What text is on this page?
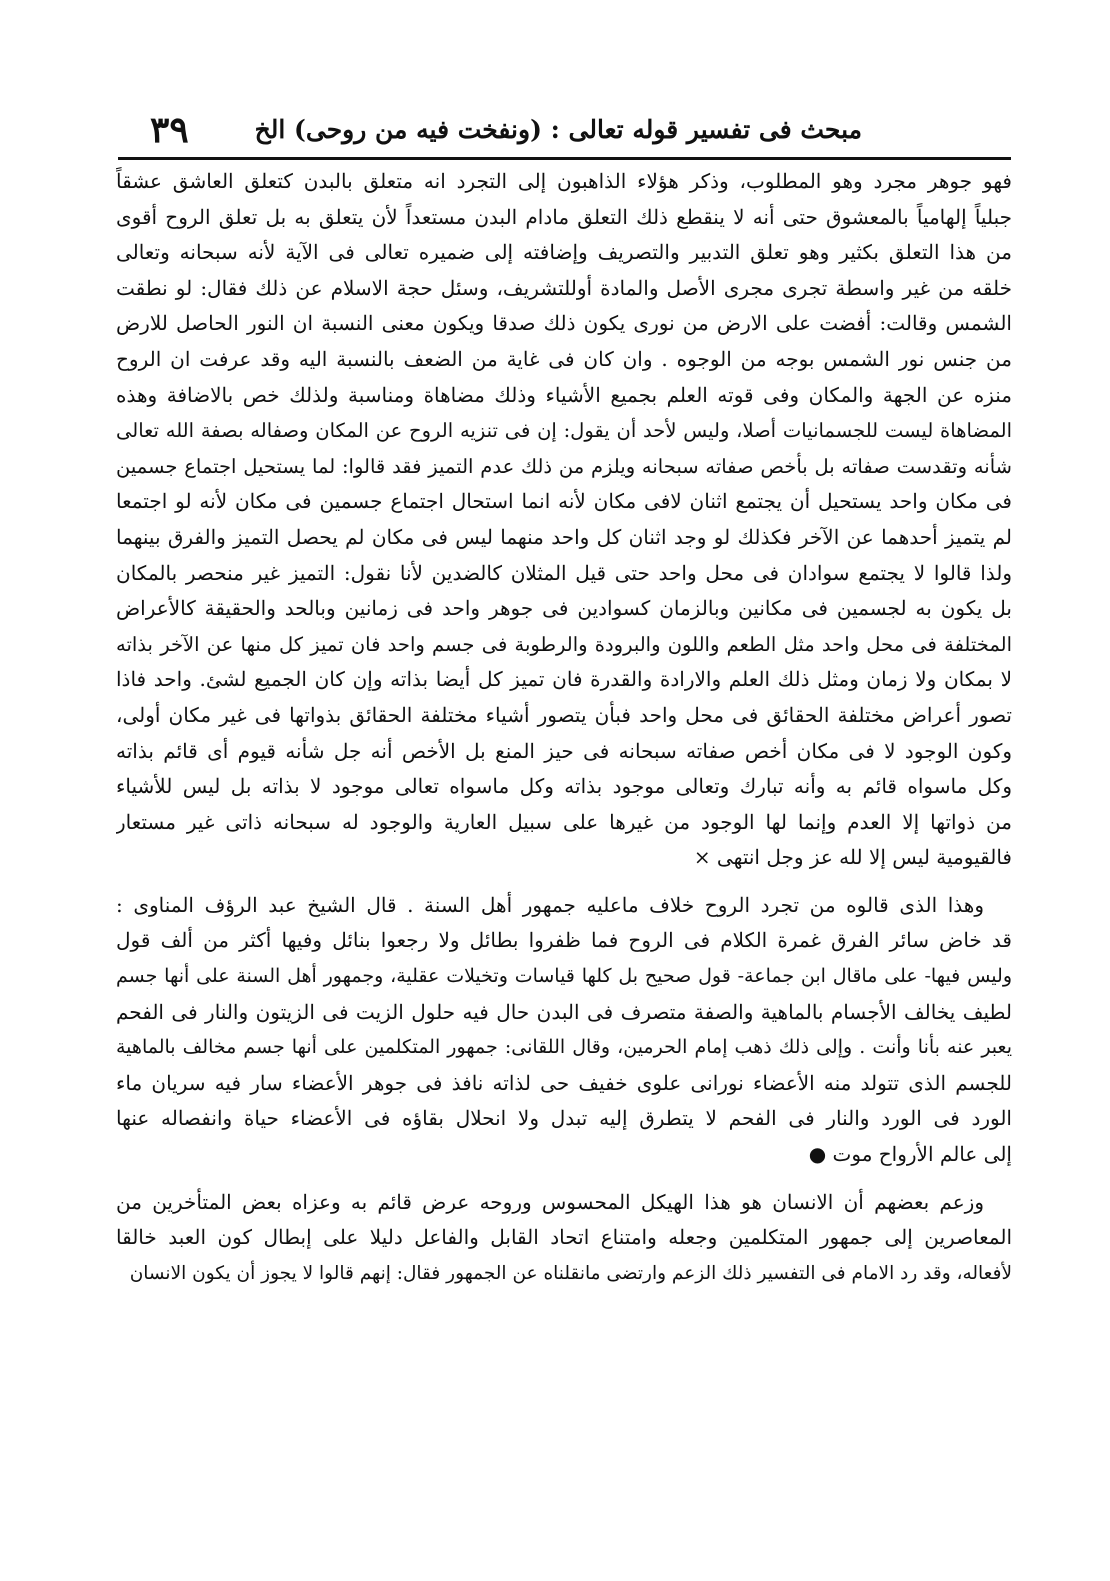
٣٩	مبحث فى تفسير قوله تعالى : (ونفخت فيه من روحى) الخ
فهو جوهر مجرد وهو المطلوب، وذكر هؤلاء الذاهبون إلى التجرد انه متعلق بالبدن كتعلق العاشق عشقاً
جبلياً إلهامياً بالمعشوق حتى أنه لا ينقطع ذلك التعلق مادام البدن مستعداً لأن يتعلق به بل تعلق الروح أقوى
من هذا التعلق بكثير وهو تعلق التدبير والتصريف وإضافته إلى ضميره تعالى فى الآية لأنه سبحانه وتعالى
خلقه من غير واسطة تجرى مجرى الأصل والمادة أوللتشريف، وسئل حجة الاسلام عن ذلك فقال: لو نطقت
الشمس وقالت: أفضت على الارض من نورى يكون ذلك صدقا ويكون معنى النسبة ان النور الحاصل للارض
من جنس نور الشمس بوجه من الوجوه . وان كان فى غاية من الضعف بالنسبة اليه وقد عرفت ان الروح
منزه عن الجهة والمكان وفى قوته العلم بجميع الأشياء وذلك مضاهاة ومناسبة ولذلك خص بالاضافة وهذه
المضاهاة ليست للجسمانيات أصلا، وليس لأحد أن يقول: إن فى تنزيه الروح عن المكان وصفاله بصفة الله تعالى
شأنه وتقدست صفاته بل بأخص صفاته سبحانه ويلزم من ذلك عدم التميز فقد قالوا: لما يستحيل اجتماع جسمين
فى مكان واحد يستحيل أن يجتمع اثنان لافى مكان لأنه انما استحال اجتماع جسمين فى مكان لأنه لو اجتمعا
لم يتميز أحدهما عن الآخر فكذلك لو وجد اثنان كل واحد منهما ليس فى مكان لم يحصل التميز والفرق بينهما
ولذا قالوا لا يجتمع سوادان فى محل واحد حتى قيل المثلان كالضدين لأنا نقول: التميز غير منحصر بالمكان
بل يكون به لجسمين فى مكانين وبالزمان كسوادين فى جوهر واحد فى زمانين وبالحد والحقيقة كالأعراض
المختلفة فى محل واحد مثل الطعم واللون والبرودة والرطوبة فى جسم واحد فان تميز كل منها عن الآخر بذاته
لا بمكان ولا زمان ومثل ذلك العلم والارادة والقدرة فان تميز كل أيضا بذاته وإن كان الجميع لشئ. واحد فاذا
تصور أعراض مختلفة الحقائق فى محل واحد فبأن يتصور أشياء مختلفة الحقائق بذواتها فى غير مكان أولى،
وكون الوجود لا فى مكان أخص صفاته سبحانه فى حيز المنع بل الأخص أنه جل شأنه قيوم أى قائم بذاته
وكل ماسواه قائم به وأنه تبارك وتعالى موجود بذاته وكل ماسواه تعالى موجود لا بذاته بل ليس للأشياء
من ذواتها إلا العدم وإنما لها الوجود من غيرها على سبيل العارية والوجود له سبحانه ذاتى غير مستعار
فالقيومية ليس إلا لله عز وجل انتهى ×
وهذا الذى قالوه من تجرد الروح خلاف ماعليه جمهور أهل السنة . قال الشيخ عبد الرؤف المناوى :
قد خاض سائر الفرق غمرة الكلام فى الروح فما ظفروا بطائل ولا رجعوا بنائل وفيها أكثر من ألف قول
وليس فيها- على ماقال ابن جماعة- قول صحيح بل كلها قياسات وتخيلات عقلية، وجمهور أهل السنة على أنها جسم
لطيف يخالف الأجسام بالماهية والصفة متصرف فى البدن حال فيه حلول الزيت فى الزيتون والنار فى الفحم
يعبر عنه بأنا وأنت . وإلى ذلك ذهب إمام الحرمين، وقال اللقانى: جمهور المتكلمين على أنها جسم مخالف بالماهية
للجسم الذى تتولد منه الأعضاء نورانى علوى خفيف حى لذاته نافذ فى جوهر الأعضاء سار فيه سريان ماء
الورد فى الورد والنار فى الفحم لا يتطرق إليه تبدل ولا انحلال بقاؤه فى الأعضاء حياة وانفصاله عنها
إلى عالم الأرواح موت ●
وزعم بعضهم أن الانسان هو هذا الهيكل المحسوس وروحه عرض قائم به وعزاه بعض المتأخرين من
المعاصرين إلى جمهور المتكلمين وجعله وامتناع اتحاد القابل والفاعل دليلا على إبطال كون العبد خالقا
لأفعاله، وقد رد الامام فى التفسير ذلك الزعم وارتضى مانقلناه عن الجمهور فقال: إنهم قالوا لا يجوز أن يكون الانسان
